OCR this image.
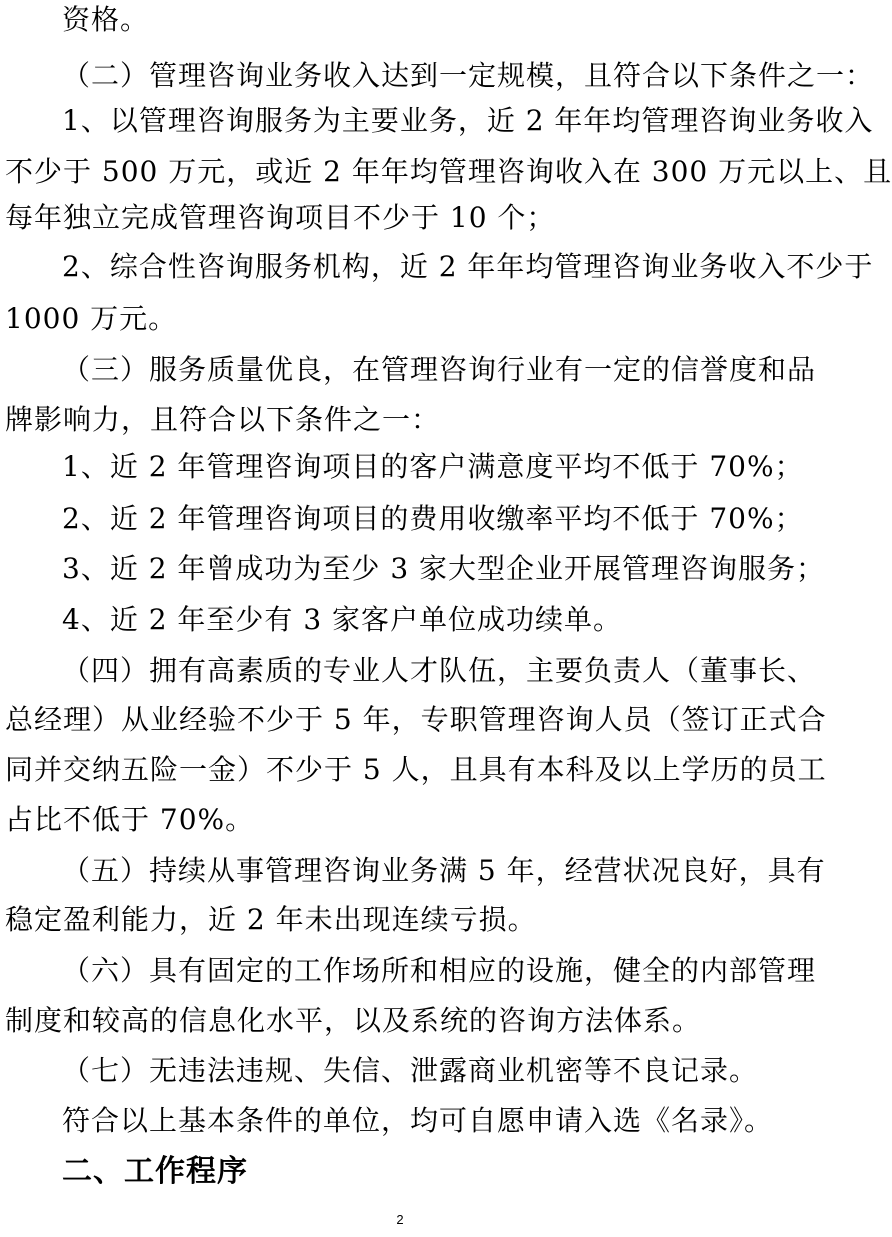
资格。
（二）管理咨询业务收入达到一定规模，且符合以下条件之一：
1、以管理咨询服务为主要业务，近 2 年年均管理咨询业务收入
不少于 500 万元，或近 2 年年均管理咨询收入在 300 万元以上、且
每年独立完成管理咨询项目不少于 10 个；
2、综合性咨询服务机构，近 2 年年均管理咨询业务收入不少于
1000 万元。
（三）服务质量优良，在管理咨询行业有一定的信誉度和品
牌影响力，且符合以下条件之一：
1、近 2 年管理咨询项目的客户满意度平均不低于 70%；
2、近 2 年管理咨询项目的费用收缴率平均不低于 70%；
3、近 2 年曾成功为至少 3 家大型企业开展管理咨询服务；
4、近 2 年至少有 3 家客户单位成功续单。
（四）拥有高素质的专业人才队伍，主要负责人（董事长、
总经理）从业经验不少于 5 年，专职管理咨询人员（签订正式合
同并交纳五险一金）不少于 5 人，且具有本科及以上学历的员工
占比不低于 70%。
（五）持续从事管理咨询业务满 5 年，经营状况良好，具有
稳定盈利能力，近 2 年未出现连续亏损。
（六）具有固定的工作场所和相应的设施，健全的内部管理
制度和较高的信息化水平，以及系统的咨询方法体系。
（七）无违法违规、失信、泄露商业机密等不良记录。
符合以上基本条件的单位，均可自愿申请入选《名录》。
二、工作程序
2
